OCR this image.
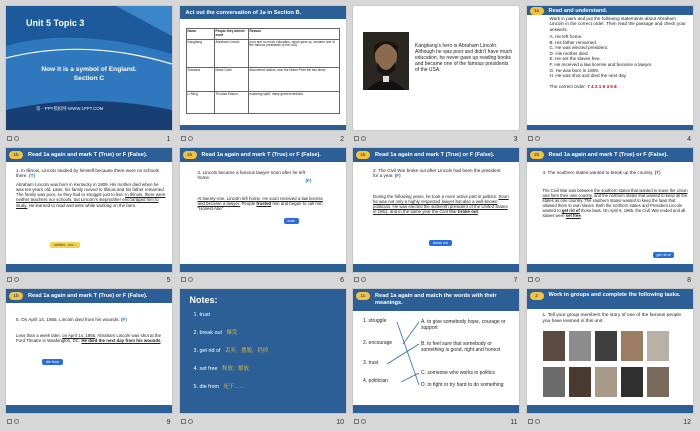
Unit 5 Topic 3
Now it is a symbol of England.
Section C
第一PPT模板网-WWW.1PPT.COM
1
Act out the conversation of 1a in Section B.
Name	People they admire most	Reason
Kangkang	Abraham Lincoln	poor and no much education, never gave up, became one of the famous presidents of the USA
Susanna	Marie Curie	discovered radium, won the Nobel Prize the two times
Li Ming	Thomas Edison	exploring spirit, many great inventions
2
Kangkang's hero is Abraham Lincoln. Although he was poor and didn't have much education, he never gave up reading books and became one of the famous presidents of the USA.
3
1a	Read and understand.
Work in pairs and put the following statements about Abraham Lincoln in the correct order. Then read the passage and check your answers.
A. He left home.
B. His father remarried.
C. He was elected president.
D. His mother died.
E. He set the slaves free.
F. He received a law license and became a lawyer.
G. He was born in 1809.
H. He was shot and died the next day.
The correct order: 7 4 2 1 6 3 5 8
4
1b	Read 1a again and mark T (True) or F (False).
1. In Illinois, Lincoln studied by himself because there were no schools there. (T)
Abraham Lincoln was born in Kentucky in 1809. His mother died when he was ten years old. Later, his family moved to Illinois and his father remarried. The family was poor, so they had to struggle just to live. In Illinois, there were neither teachers nor schools, but Lincoln's stepmother encouraged him to study. He learned to read and write while working on the farm.
neither...nor...
5
1b	Read 1a again and mark T (True) or F (False).
2. Lincoln became a famous lawyer soon after he left home.	(F)
At twenty-one, Lincoln left home. He soon received a law license and became a lawyer. People trusted him and began to call him "Honest Abe".
trust
6
1b	Read 1a again and mark T (True) or F (False).
3. The Civil War broke out after Lincoln had been the president for a year. (F)
During the following years, he took a more active part in politics. Soon he was not only a highly respected lawyer but also a well-known politician. He was elected the sixteenth president of the United States in 1861, and in the same year the Civil War broke out.
break out
7
1b	Read 1a again and mark T (True) or F (False).
4. The southern states wanted to break up the country. (T)
The Civil War was between the southern states that wanted to leave the Union and form their own country, and the northern states that wanted to keep all the states as one country. The southern states wanted to keep the laws that allowed them to own slaves. Both the northern states and President Lincoln wanted to get rid of those laws. On April 9, 1865, the Civil War ended and all slaves were set free.
get rid of
8
1b	Read 1a again and mark T (True) or F (False).
5. On April 14, 1865, Lincoln died from his wounds. (F)
Less than a week later, on April 14, 1865, Abraham Lincoln was shot at the Ford Theatre in Washington, DC. He died the next day from his wounds.
die from
9
Notes:
1. trust
2. break out 爆发
3. get rid of 丢弃，摆脱，扔掉
4. set free 释放；解放
5. die from 死于……
10
1c	Read 1a again and match the words with their meanings.
1. struggle
2. encourage
3. trust
4. politician
A. to give somebody hope, courage or support
B. to feel sure that somebody or something is good, right and honest
C. someone who works in politics
D. to fight or try hard to do something
11
2	Work in groups and complete the following tasks.
1. Tell your group members the story of one of the famous people you have learned in this unit.
12
